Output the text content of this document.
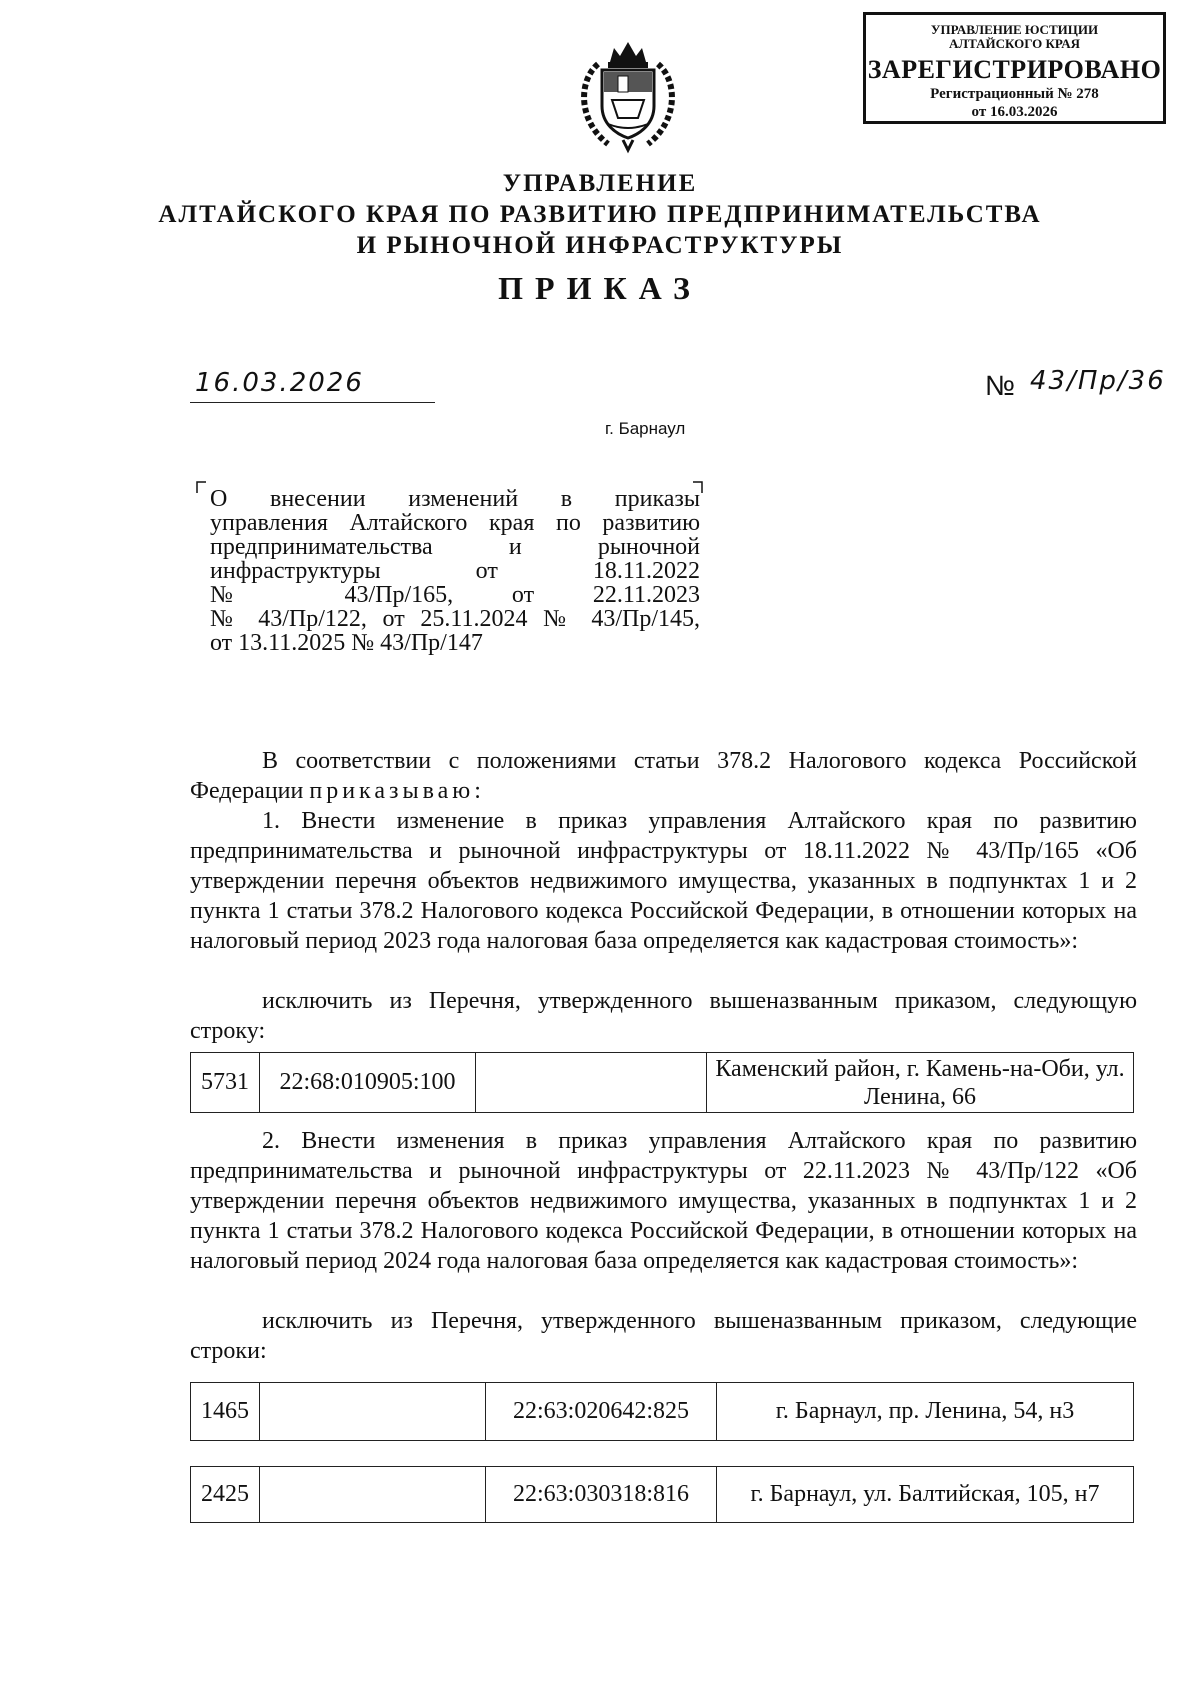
УПРАВЛЕНИЕ ЮСТИЦИИ
АЛТАЙСКОГО КРАЯ
ЗАРЕГИСТРИРОВАНО
Регистрационный № 278
от 16.03.2026
УПРАВЛЕНИЕ
АЛТАЙСКОГО КРАЯ ПО РАЗВИТИЮ ПРЕДПРИНИМАТЕЛЬСТВА
И РЫНОЧНОЙ ИНФРАСТРУКТУРЫ
ПРИКАЗ
16.03.2026	№ 43/Пр/36
г. Барнаул
О внесении изменений в приказы
управления Алтайского края по развитию
предпринимательства и рыночной
инфраструктуры от 18.11.2022
№ 43/Пр/165, от 22.11.2023
№ 43/Пр/122, от 25.11.2024 № 43/Пр/145,
от 13.11.2025 № 43/Пр/147
В соответствии с положениями статьи 378.2 Налогового кодекса Российской Федерации приказываю:
1. Внести изменение в приказ управления Алтайского края по развитию предпринимательства и рыночной инфраструктуры от 18.11.2022 № 43/Пр/165 «Об утверждении перечня объектов недвижимого имущества, указанных в подпунктах 1 и 2 пункта 1 статьи 378.2 Налогового кодекса Российской Федерации, в отношении которых на налоговый период 2023 года налоговая база определяется как кадастровая стоимость»:
исключить из Перечня, утвержденного вышеназванным приказом, следующую строку:
5731	22:68:010905:100		Каменский район, г. Камень-на-Оби, ул. Ленина, 66
2. Внести изменения в приказ управления Алтайского края по развитию предпринимательства и рыночной инфраструктуры от 22.11.2023 № 43/Пр/122 «Об утверждении перечня объектов недвижимого имущества, указанных в подпунктах 1 и 2 пункта 1 статьи 378.2 Налогового кодекса Российской Федерации, в отношении которых на налоговый период 2024 года налоговая база определяется как кадастровая стоимость»:
исключить из Перечня, утвержденного вышеназванным приказом, следующие строки:
1465		22:63:020642:825	г. Барнаул, пр. Ленина, 54, н3
2425		22:63:030318:816	г. Барнаул, ул. Балтийская, 105, н7
